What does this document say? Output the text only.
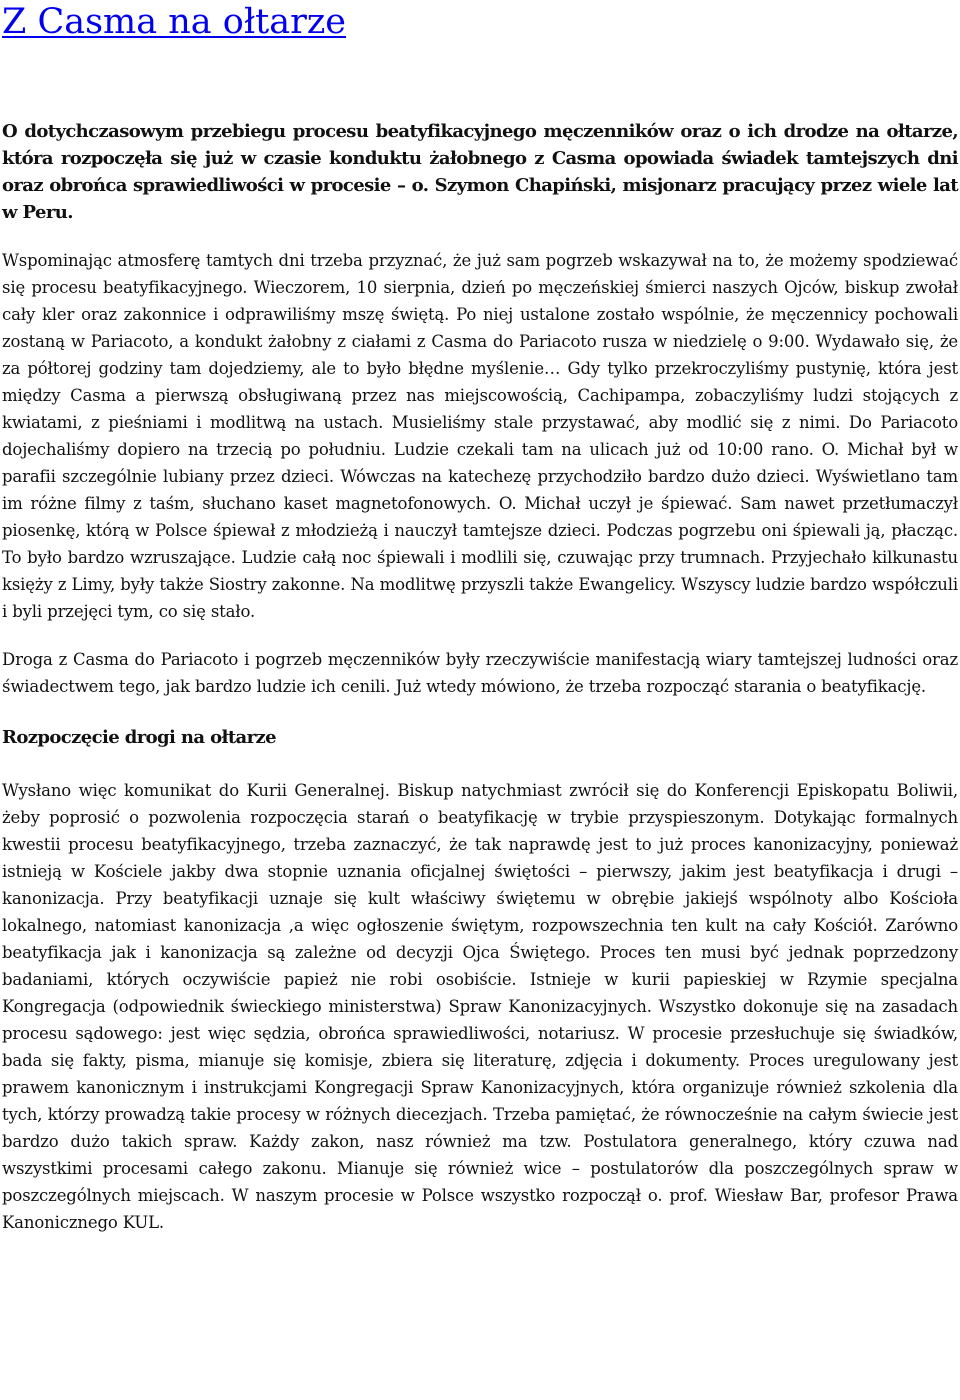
Z Casma na ołtarze

O dotychczasowym przebiegu procesu beatyfikacyjnego męczenników oraz o ich drodze na ołtarze, która rozpoczęła się już w czasie konduktu żałobnego z Casma opowiada świadek tamtejszych dni oraz obrońca sprawiedliwości w procesie – o. Szymon Chapiński, misjonarz pracujący przez wiele lat w Peru.

Wspominając atmosferę tamtych dni trzeba przyznać, że już sam pogrzeb wskazywał na to, że możemy spodziewać się procesu beatyfikacyjnego. Wieczorem, 10 sierpnia, dzień po męczeńskiej śmierci naszych Ojców, biskup zwołał cały kler oraz zakonnice i odprawiliśmy mszę świętą. Po niej ustalone zostało wspólnie, że męczennicy pochowali zostaną w Pariacoto, a kondukt żałobny z ciałami z Casma do Pariacoto rusza w niedzielę o 9:00. Wydawało się, że za półtorej godziny tam dojedziemy, ale to było błędne myślenie… Gdy tylko przekroczyliśmy pustynię, która jest między Casma a pierwszą obsługiwaną przez nas miejscowością, Cachipampa, zobaczyliśmy ludzi stojących z kwiatami, z pieśniami i modlitwą na ustach. Musieliśmy stale przystawać, aby modlić się z nimi. Do Pariacoto dojechaliśmy dopiero na trzecią po południu. Ludzie czekali tam na ulicach już od 10:00 rano. O. Michał był w parafii szczególnie lubiany przez dzieci. Wówczas na katechezę przychodziło bardzo dużo dzieci. Wyświetlano tam im różne filmy z taśm, słuchano kaset magnetofonowych. O. Michał uczył je śpiewać. Sam nawet przetłumaczył piosenkę, którą w Polsce śpiewał z młodzieżą i nauczył tamtejsze dzieci. Podczas pogrzebu oni śpiewali ją, płacząc. To było bardzo wzruszające. Ludzie całą noc śpiewali i modlili się, czuwając przy trumnach. Przyjechało kilkunastu księży z Limy, były także Siostry zakonne. Na modlitwę przyszli także Ewangelicy. Wszyscy ludzie bardzo współczuli i byli przejęci tym, co się stało.

Droga z Casma do Pariacoto i pogrzeb męczenników były rzeczywiście manifestacją wiary tamtejszej ludności oraz świadectwem tego, jak bardzo ludzie ich cenili. Już wtedy mówiono, że trzeba rozpocząć starania o beatyfikację.

Rozpoczęcie drogi na ołtarze

Wysłano więc komunikat do Kurii Generalnej. Biskup natychmiast zwrócił się do Konferencji Episkopatu Boliwii, żeby poprosić o pozwolenia rozpoczęcia starań o beatyfikację w trybie przyspieszonym. Dotykając formalnych kwestii procesu beatyfikacyjnego, trzeba zaznaczyć, że tak naprawdę jest to już proces kanonizacyjny, ponieważ istnieją w Kościele jakby dwa stopnie uznania oficjalnej świętości – pierwszy, jakim jest beatyfikacja i drugi – kanonizacja. Przy beatyfikacji uznaje się kult właściwy świętemu w obrębie jakiejś wspólnoty albo Kościoła lokalnego, natomiast kanonizacja ,a więc ogłoszenie świętym, rozpowszechnia ten kult na cały Kościół. Zarówno beatyfikacja jak i kanonizacja są zależne od decyzji Ojca Świętego. Proces ten musi być jednak poprzedzony badaniami, których oczywiście papież nie robi osobiście. Istnieje w kurii papieskiej w Rzymie specjalna Kongregacja (odpowiednik świeckiego ministerstwa) Spraw Kanonizacyjnych. Wszystko dokonuje się na zasadach procesu sądowego: jest więc sędzia, obrońca sprawiedliwości, notariusz. W procesie przesłuchuje się świadków, bada się fakty, pisma, mianuje się komisje, zbiera się literaturę, zdjęcia i dokumenty. Proces uregulowany jest prawem kanonicznym i instrukcjami Kongregacji Spraw Kanonizacyjnych, która organizuje również szkolenia dla tych, którzy prowadzą takie procesy w różnych diecezjach. Trzeba pamiętać, że równocześnie na całym świecie jest bardzo dużo takich spraw. Każdy zakon, nasz również ma tzw. Postulatora generalnego, który czuwa nad wszystkimi procesami całego zakonu. Mianuje się również wice – postulatorów dla poszczególnych spraw w poszczególnych miejscach. W naszym procesie w Polsce wszystko rozpoczął o. prof. Wiesław Bar, profesor Prawa Kanonicznego KUL.
